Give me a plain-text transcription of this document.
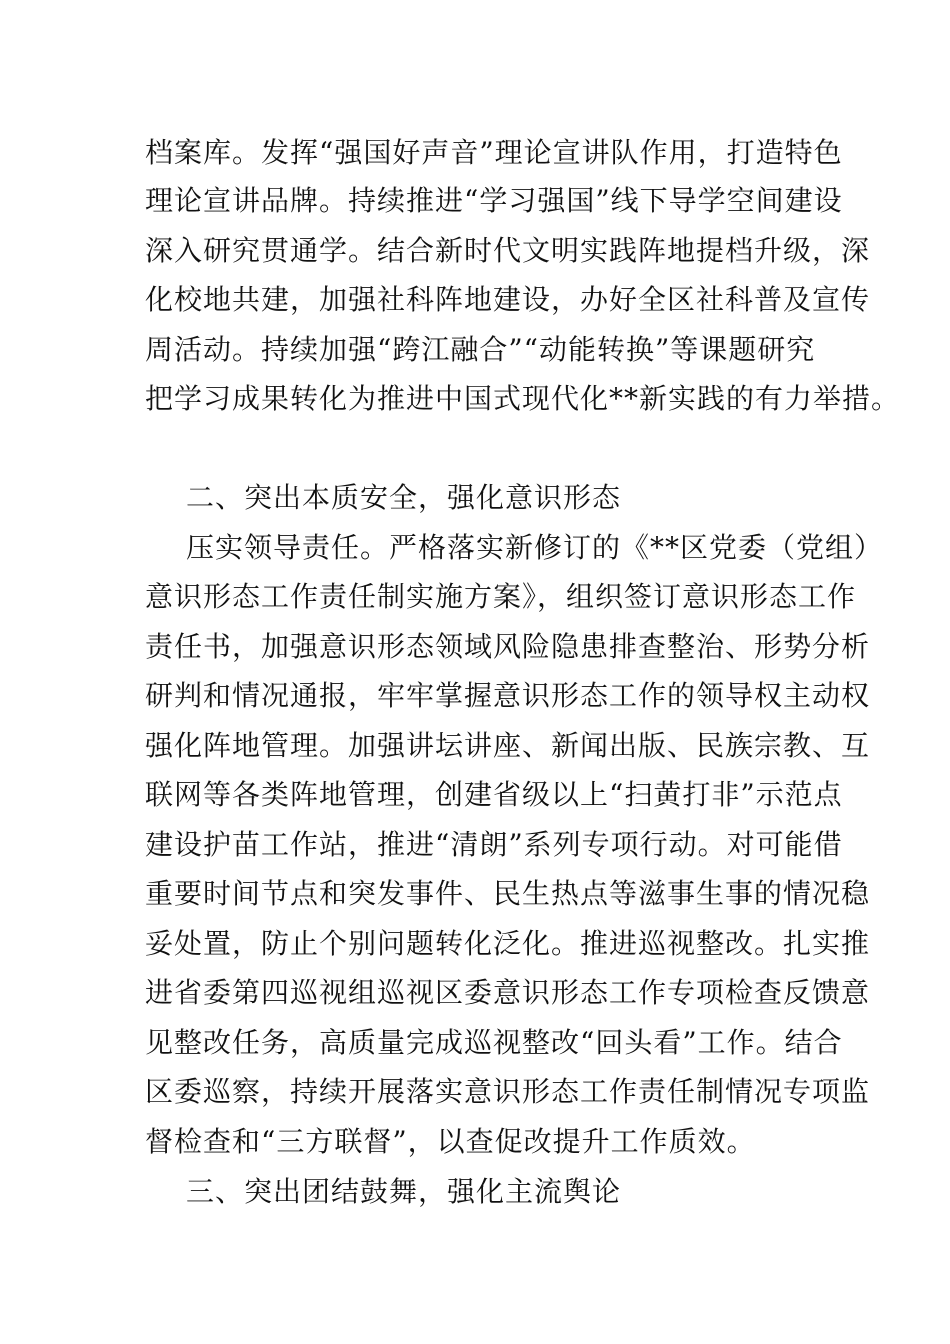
档案库。发挥“强国好声音”理论宣讲队作用，打造特色
理论宣讲品牌。持续推进“学习强国”线下导学空间建设
深入研究贯通学。结合新时代文明实践阵地提档升级，深
化校地共建，加强社科阵地建设，办好全区社科普及宣传
周活动。持续加强“跨江融合”“动能转换”等课题研究
把学习成果转化为推进中国式现代化**新实践的有力举措。
二、突出本质安全，强化意识形态
压实领导责任。严格落实新修订的《**区党委（党组）
意识形态工作责任制实施方案》，组织签订意识形态工作
责任书，加强意识形态领域风险隐患排查整治、形势分析
研判和情况通报，牢牢掌握意识形态工作的领导权主动权
强化阵地管理。加强讲坛讲座、新闻出版、民族宗教、互
联网等各类阵地管理，创建省级以上“扫黄打非”示范点
建设护苗工作站，推进“清朗”系列专项行动。对可能借
重要时间节点和突发事件、民生热点等滋事生事的情况稳
妥处置，防止个别问题转化泛化。推进巡视整改。扎实推
进省委第四巡视组巡视区委意识形态工作专项检查反馈意
见整改任务，高质量完成巡视整改“回头看”工作。结合
区委巡察，持续开展落实意识形态工作责任制情况专项监
督检查和“三方联督”，以查促改提升工作质效。
三、突出团结鼓舞，强化主流舆论
